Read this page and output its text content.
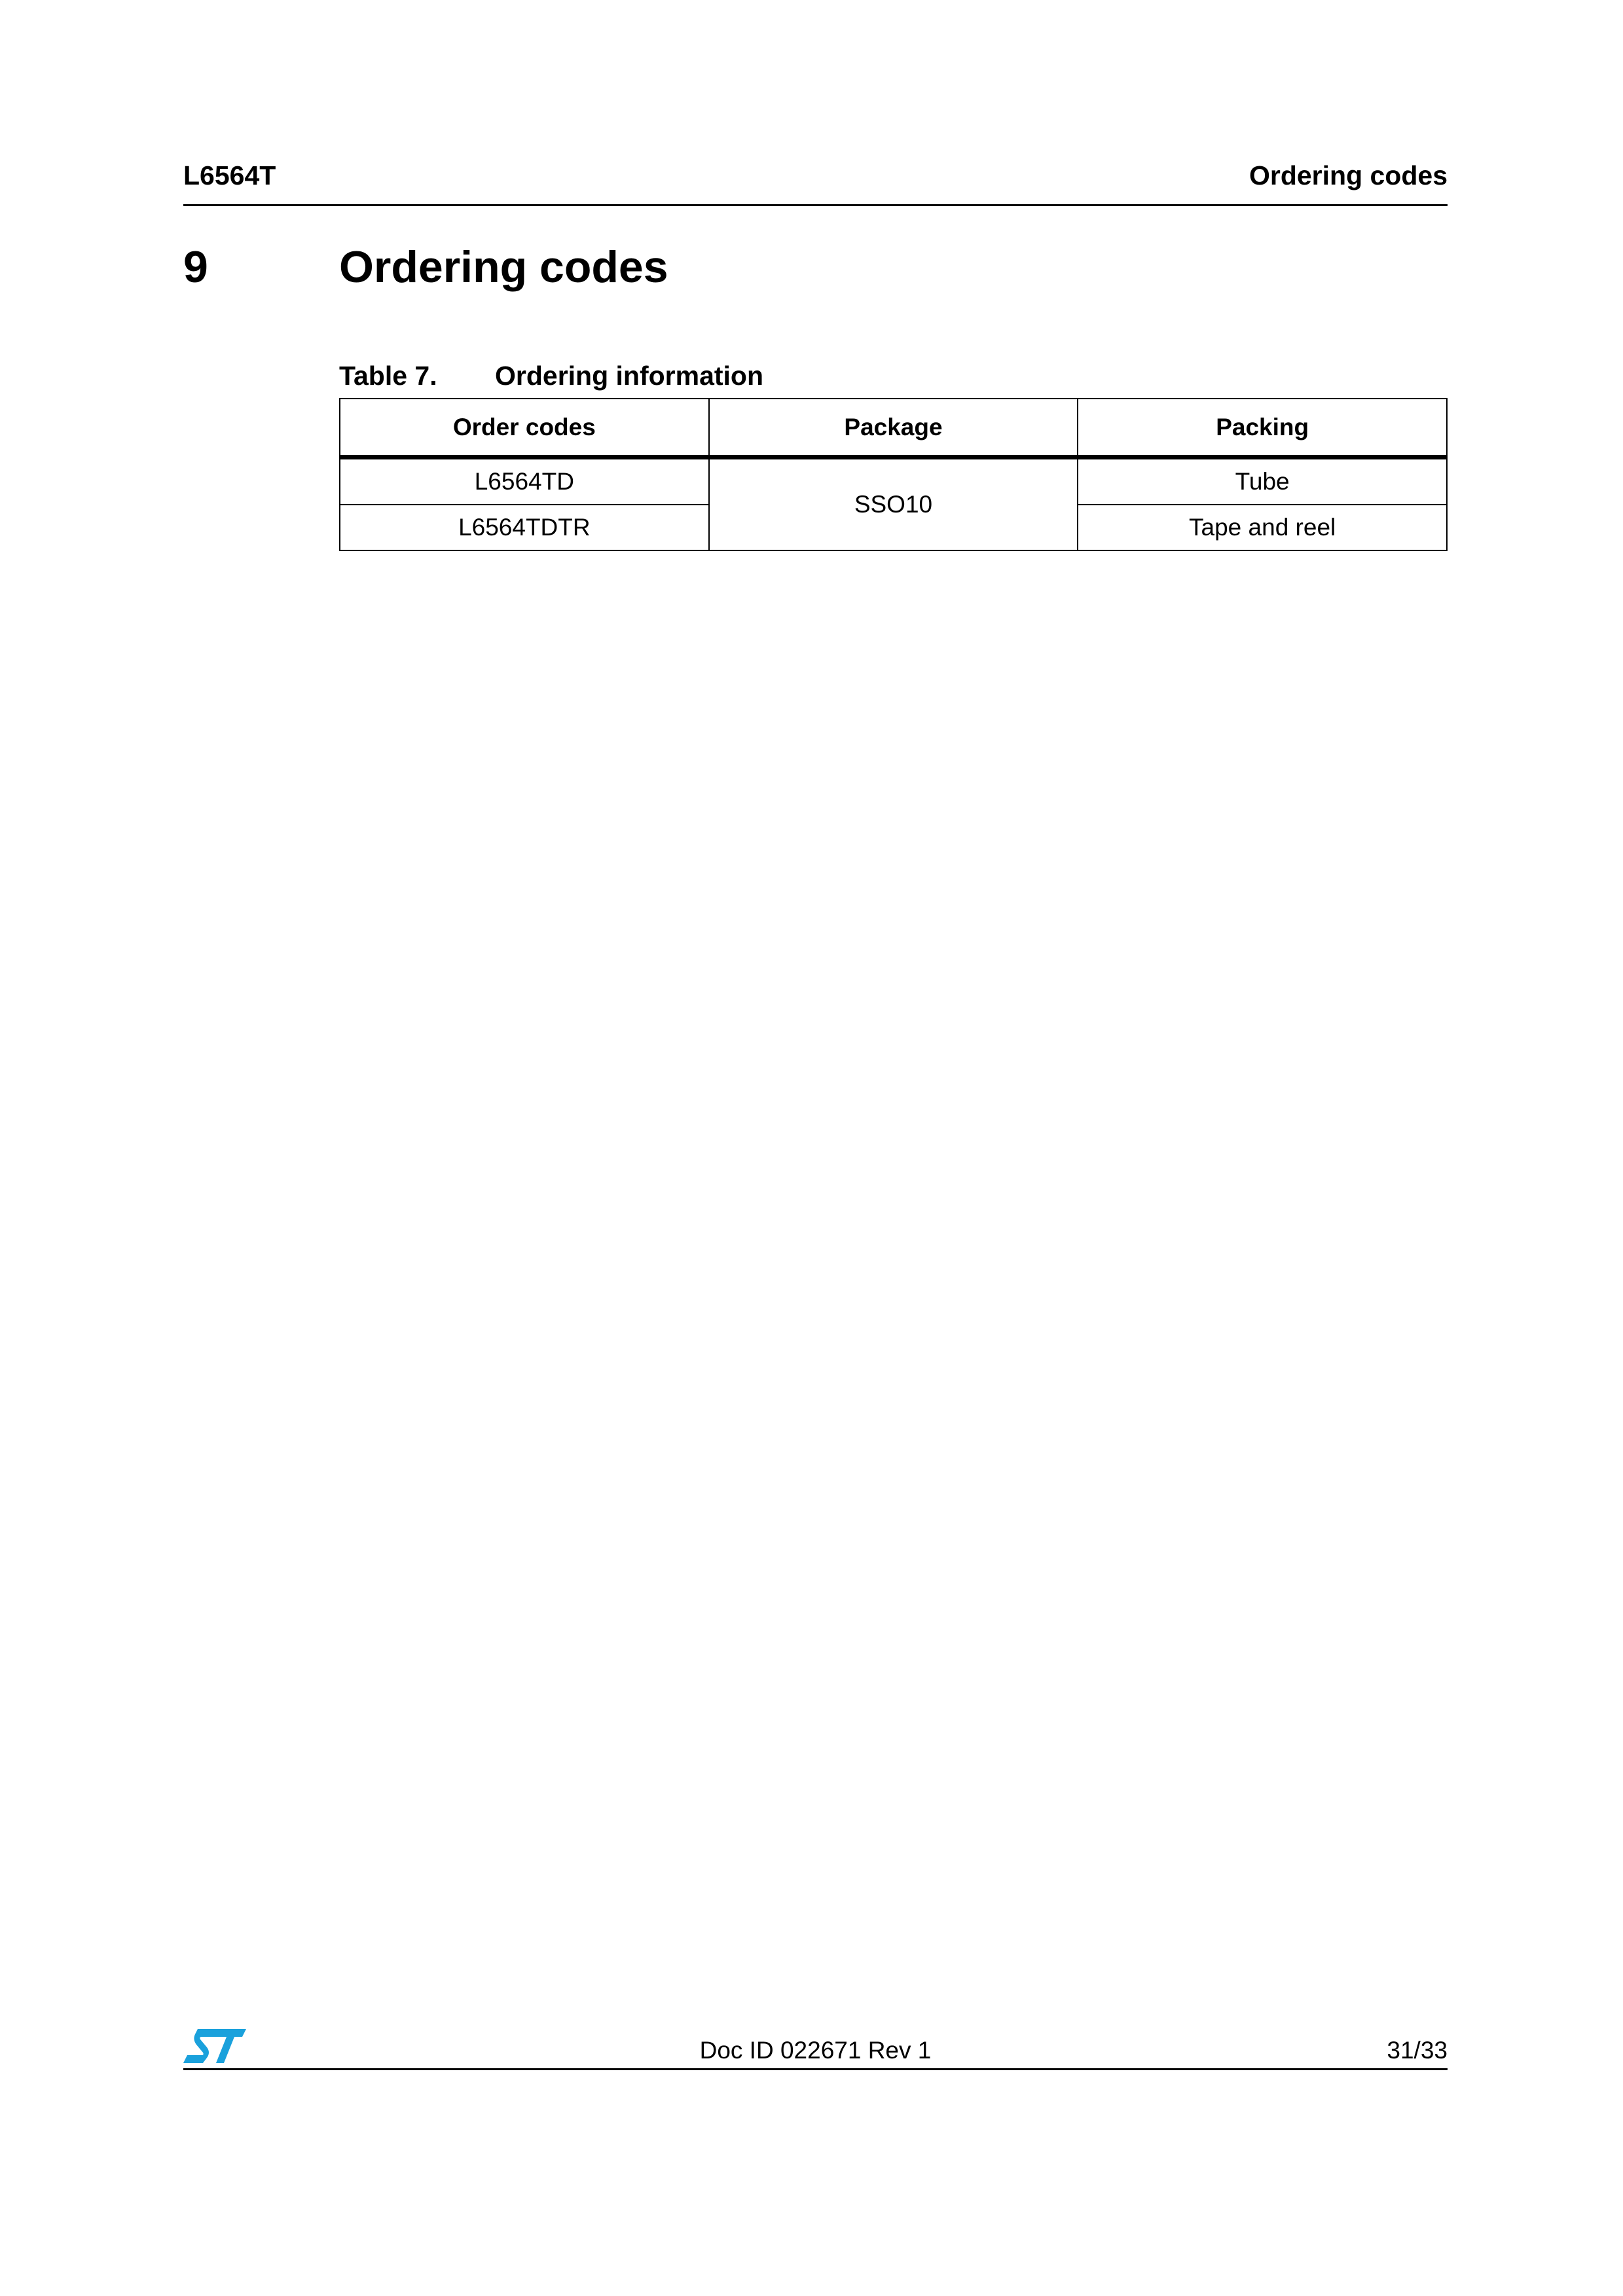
L6564T	Ordering codes
9	Ordering codes
Table 7. Ordering information
Order codes	Package	Packing
L6564TD	SSO10	Tube
L6564TDTR		Tape and reel
Doc ID 022671 Rev 1	31/33
